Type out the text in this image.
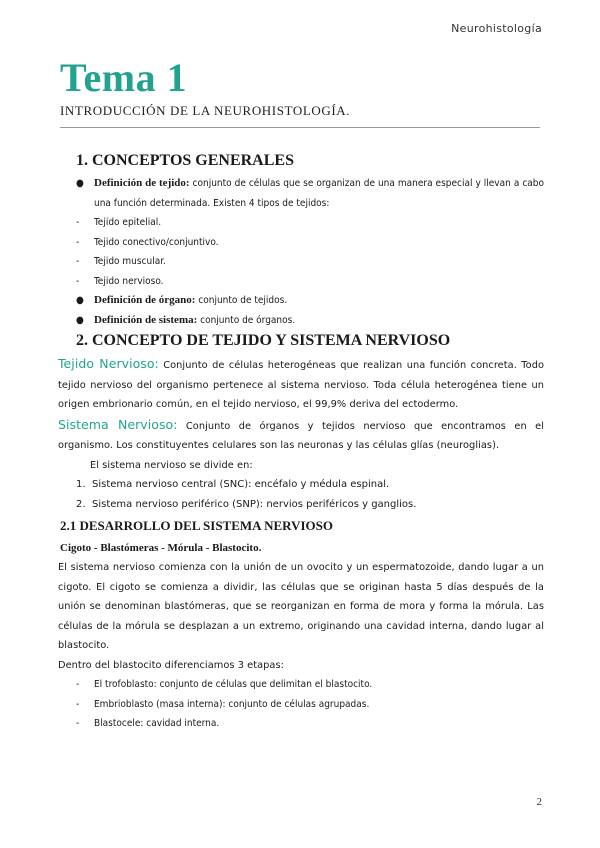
Neurohistología
Tema 1
INTRODUCCIÓN DE LA NEUROHISTOLOGÍA.
1. CONCEPTOS GENERALES
● Definición de tejido: conjunto de células que se organizan de una manera especial y llevan a cabo una función determinada. Existen 4 tipos de tejidos:
- Tejido epitelial.
- Tejido conectivo/conjuntivo.
- Tejido muscular.
- Tejido nervioso.
● Definición de órgano: conjunto de tejidos.
● Definición de sistema: conjunto de órganos.
2. CONCEPTO DE TEJIDO Y SISTEMA NERVIOSO

Tejido Nervioso: Conjunto de células heterogéneas que realizan una función concreta. Todo tejido nervioso del organismo pertenece al sistema nervioso. Toda célula heterogénea tiene un origen embrionario común, en el tejido nervioso, el 99,9% deriva del ectodermo.

Sistema Nervioso: Conjunto de órganos y tejidos nervioso que encontramos en el organismo. Los constituyentes celulares son las neuronas y las células glías (neuroglias).

El sistema nervioso se divide en:

1. Sistema nervioso central (SNC): encéfalo y médula espinal.
2. Sistema nervioso periférico (SNP): nervios periféricos y ganglios.
2.1 DESARROLLO DEL SISTEMA NERVIOSO
Cigoto - Blastómeras - Mórula - Blastocito.

El sistema nervioso comienza con la unión de un ovocito y un espermatozoide, dando lugar a un cigoto. El cigoto se comienza a dividir, las células que se originan hasta 5 días después de la unión se denominan blastómeras, que se reorganizan en forma de mora y forma la mórula. Las células de la mórula se desplazan a un extremo, originando una cavidad interna, dando lugar al blastocito.

Dentro del blastocito diferenciamos 3 etapas:

- El trofoblasto: conjunto de células que delimitan el blastocito.
- Embrioblasto (masa interna): conjunto de células agrupadas.
- Blastocele: cavidad interna.
2
